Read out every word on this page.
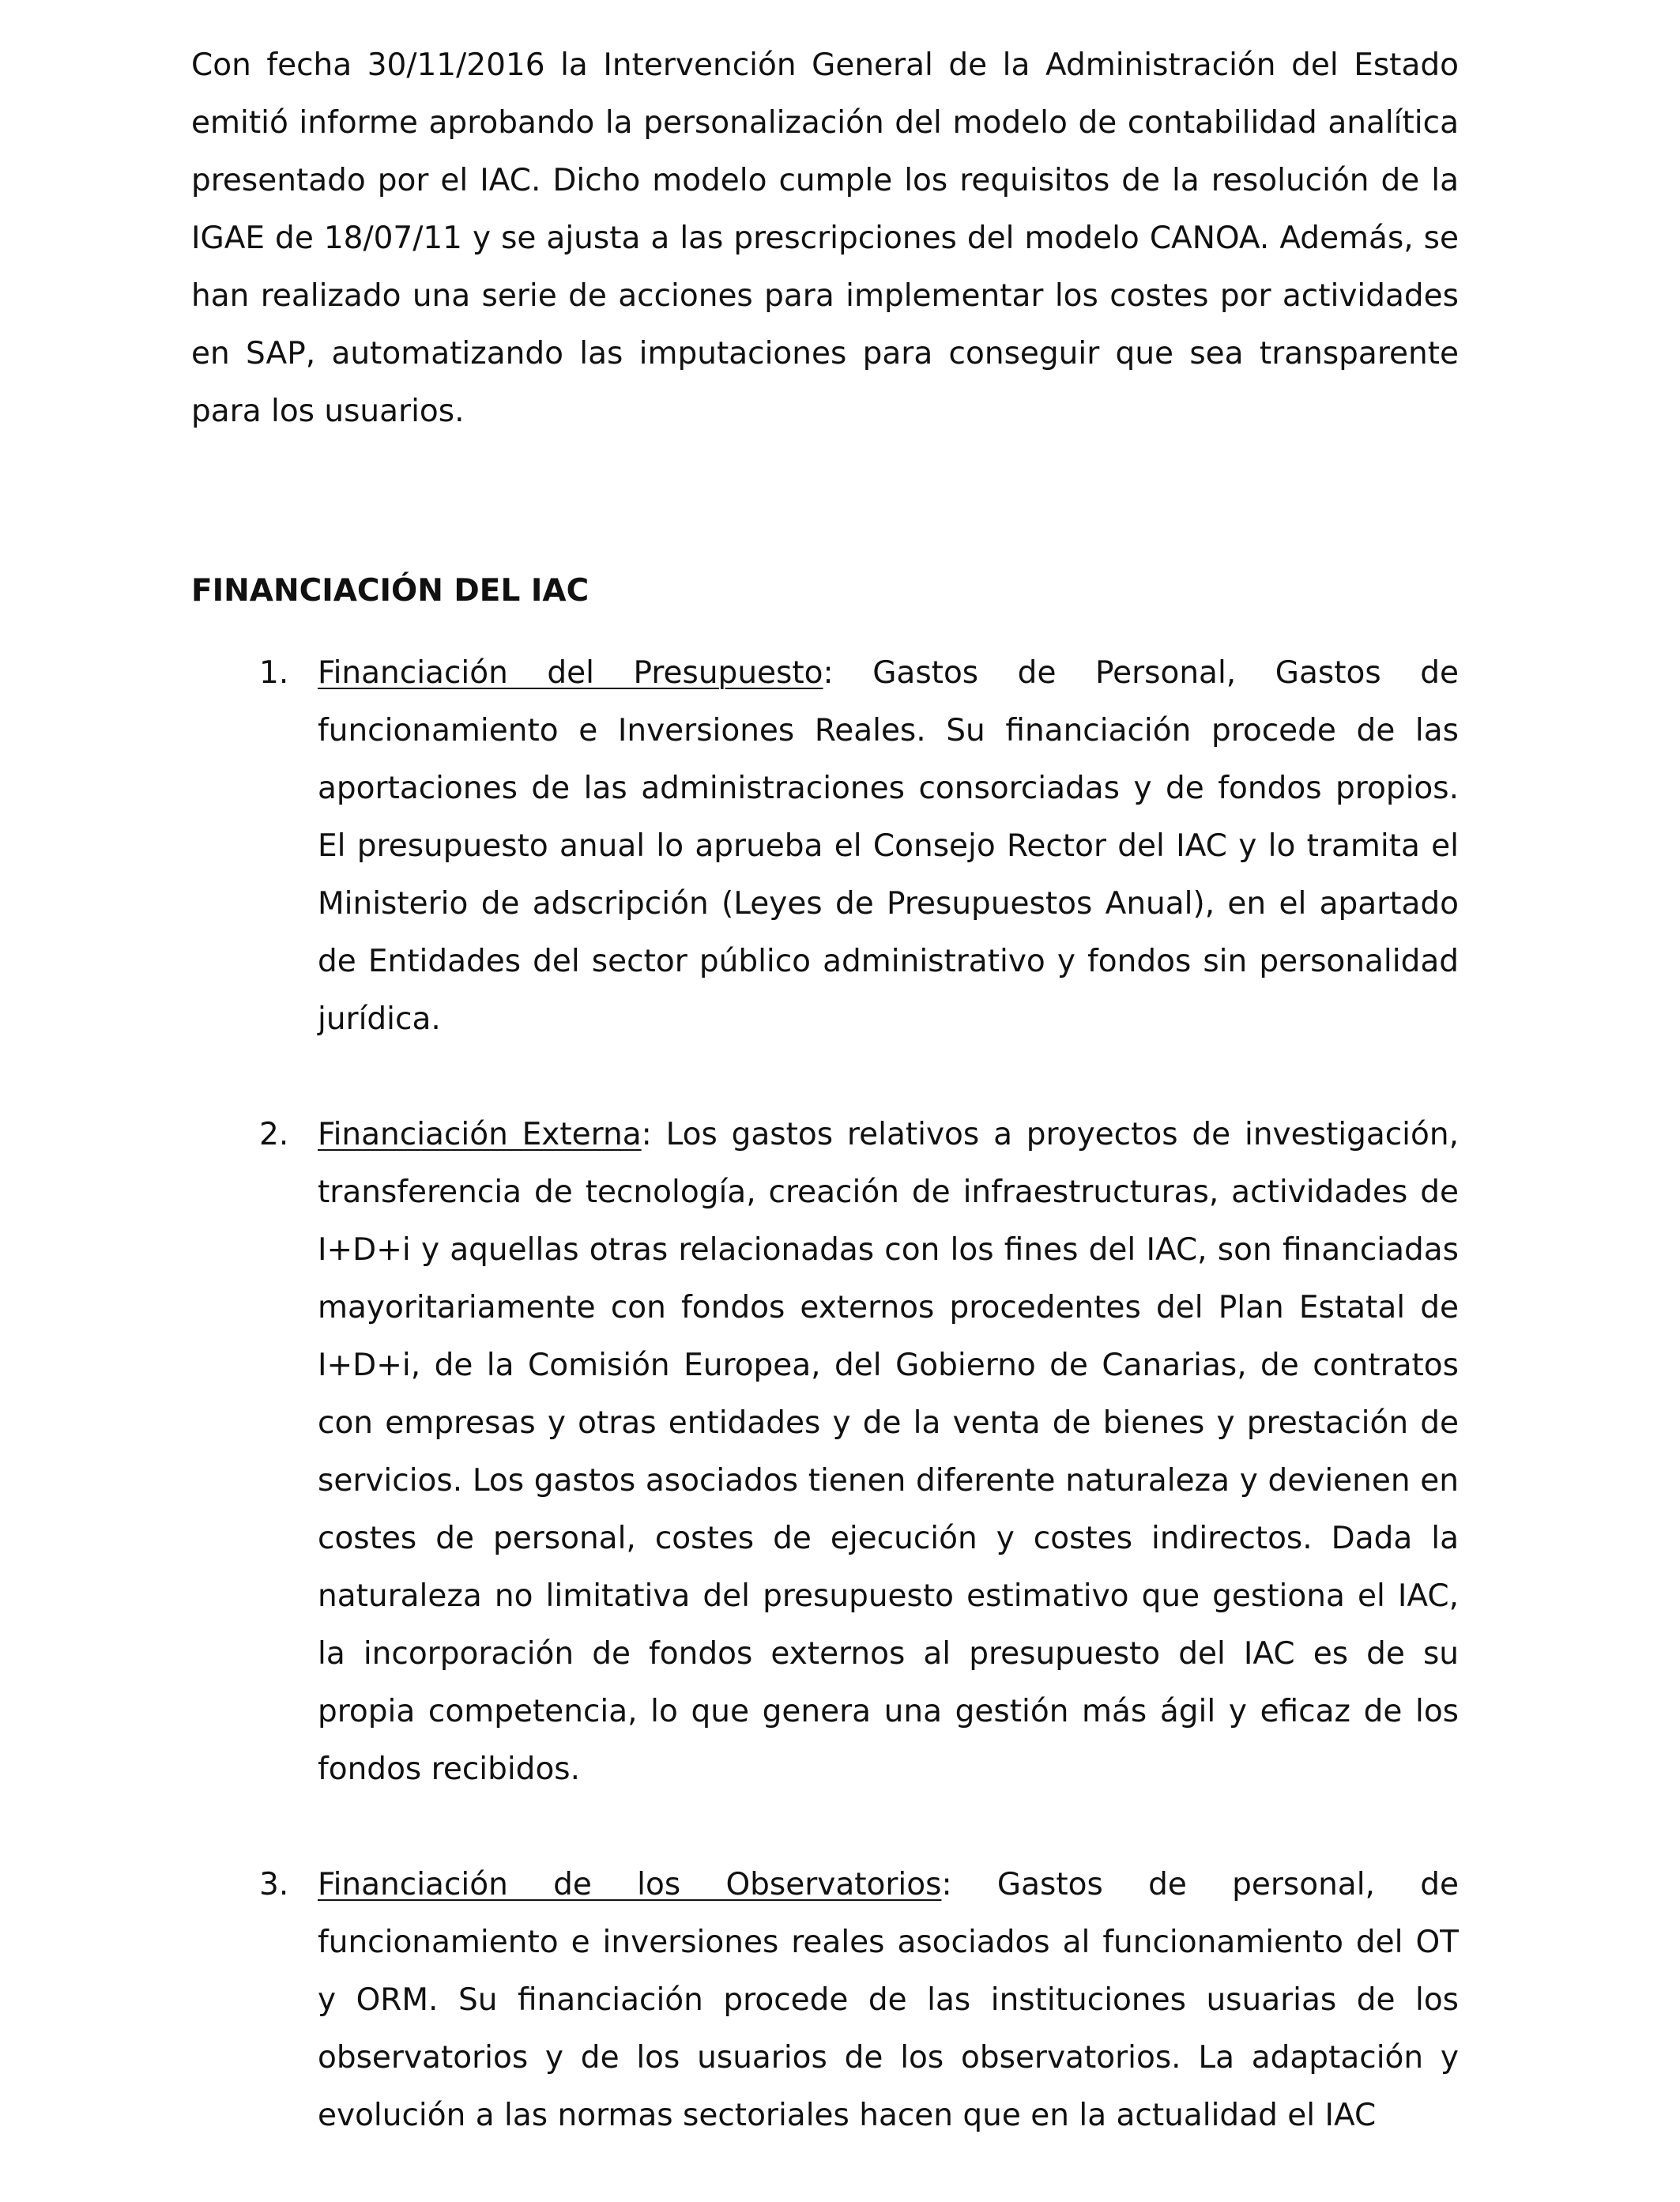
Con fecha 30/11/2016 la Intervención General de la Administración del Estado emitió informe aprobando la personalización del modelo de contabilidad analítica presentado por el IAC. Dicho modelo cumple los requisitos de la resolución de la IGAE de 18/07/11 y se ajusta a las prescripciones del modelo CANOA. Además, se han realizado una serie de acciones para implementar los costes por actividades en SAP, automatizando las imputaciones para conseguir que sea transparente para los usuarios.

FINANCIACIÓN DEL IAC
1. Financiación del Presupuesto: Gastos de Personal, Gastos de funcionamiento e Inversiones Reales. Su financiación procede de las aportaciones de las administraciones consorciadas y de fondos propios. El presupuesto anual lo aprueba el Consejo Rector del IAC y lo tramita el Ministerio de adscripción (Leyes de Presupuestos Anual), en el apartado de Entidades del sector público administrativo y fondos sin personalidad jurídica.

2. Financiación Externa: Los gastos relativos a proyectos de investigación, transferencia de tecnología, creación de infraestructuras, actividades de I+D+i y aquellas otras relacionadas con los fines del IAC, son financiadas mayoritariamente con fondos externos procedentes del Plan Estatal de I+D+i, de la Comisión Europea, del Gobierno de Canarias, de contratos con empresas y otras entidades y de la venta de bienes y prestación de servicios. Los gastos asociados tienen diferente naturaleza y devienen en costes de personal, costes de ejecución y costes indirectos. Dada la naturaleza no limitativa del presupuesto estimativo que gestiona el IAC, la incorporación de fondos externos al presupuesto del IAC es de su propia competencia, lo que genera una gestión más ágil y eficaz de los fondos recibidos.

3. Financiación de los Observatorios: Gastos de personal, de funcionamiento e inversiones reales asociados al funcionamiento del OT y ORM. Su financiación procede de las instituciones usuarias de los observatorios y de los usuarios de los observatorios. La adaptación y evolución a las normas sectoriales hacen que en la actualidad el IAC
